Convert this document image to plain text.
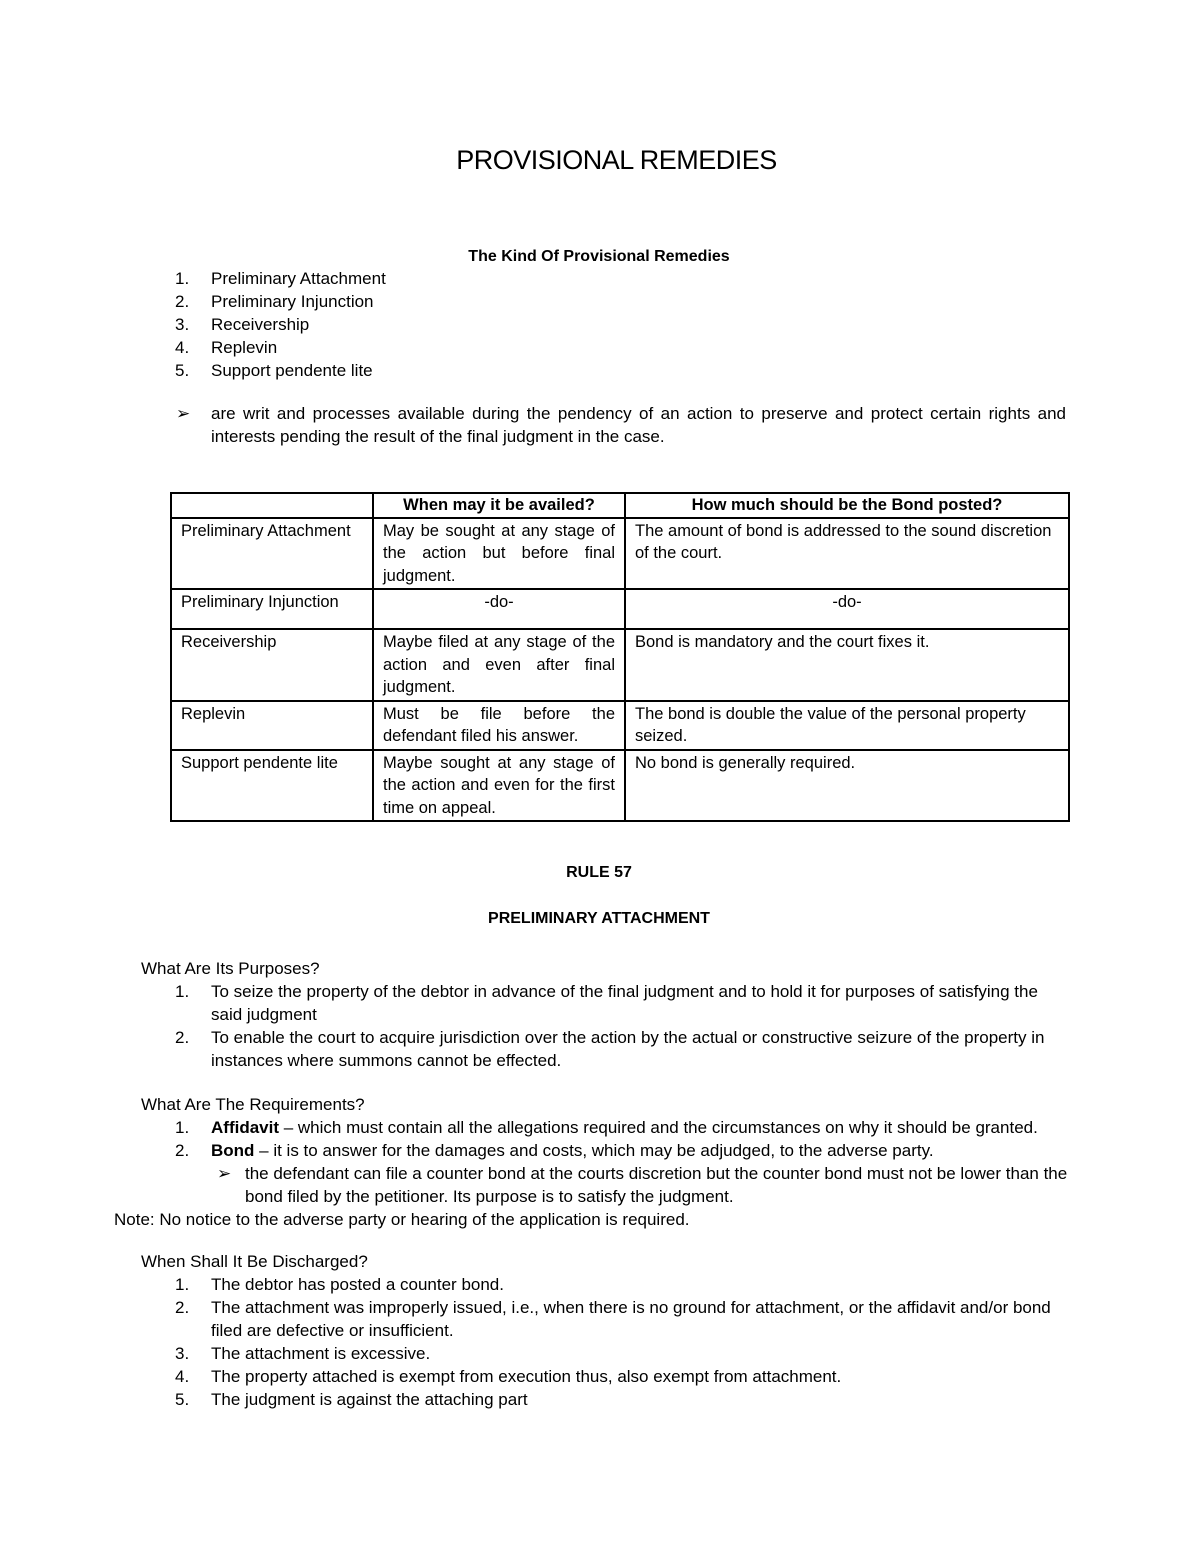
PROVISIONAL REMEDIES
The Kind Of Provisional Remedies
1. Preliminary Attachment
2. Preliminary Injunction
3. Receivership
4. Replevin
5. Support pendente lite
➢ are writ and processes available during the pendency of an action to preserve and protect certain rights and interests pending the result of the final judgment in the case.
	When may it be availed?	How much should be the Bond posted?
Preliminary Attachment	May be sought at any stage of the action but before final judgment.	The amount of bond is addressed to the sound discretion of the court.
Preliminary Injunction	-do-	-do-
Receivership	Maybe filed at any stage of the action and even after final judgment.	Bond is mandatory and the court fixes it.
Replevin	Must be file before the defendant filed his answer.	The bond is double the value of the personal property seized.
Support pendente lite	Maybe sought at any stage of the action and even for the first time on appeal.	No bond is generally required.
RULE 57
PRELIMINARY ATTACHMENT
What Are Its Purposes?
1. To seize the property of the debtor in advance of the final judgment and to hold it for purposes of satisfying the said judgment
2. To enable the court to acquire jurisdiction over the action by the actual or constructive seizure of the property in instances where summons cannot be effected.
What Are The Requirements?
1. Affidavit – which must contain all the allegations required and the circumstances on why it should be granted.
2. Bond – it is to answer for the damages and costs, which may be adjudged, to the adverse party.
➢ the defendant can file a counter bond at the courts discretion but the counter bond must not be lower than the bond filed by the petitioner. Its purpose is to satisfy the judgment.
Note: No notice to the adverse party or hearing of the application is required.
When Shall It Be Discharged?
1. The debtor has posted a counter bond.
2. The attachment was improperly issued, i.e., when there is no ground for attachment, or the affidavit and/or bond filed are defective or insufficient.
3. The attachment is excessive.
4. The property attached is exempt from execution thus, also exempt from attachment.
5. The judgment is against the attaching part
